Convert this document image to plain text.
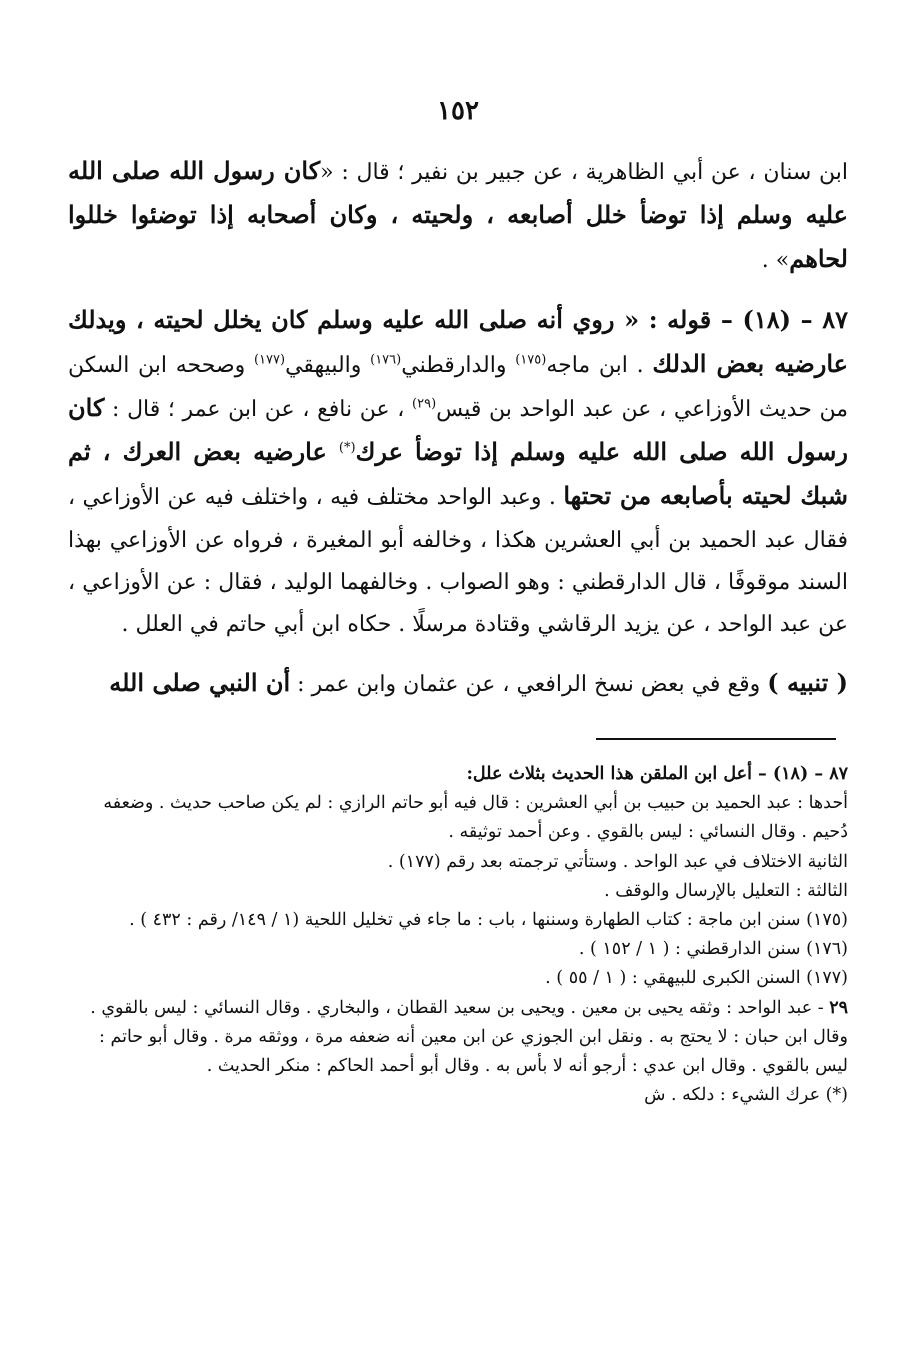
١٥٢

ابن سنان ، عن أبي الظاهرية ، عن جبير بن نفير ؛ قال : «كان رسول الله صلى الله عليه وسلم إذا توضأ خلل أصابعه ، ولحيته ، وكان أصحابه إذا توضئوا خللوا لحاهم» .

٨٧ – (١٨) – قوله : « روي أنه صلى الله عليه وسلم كان يخلل لحيته ، ويدلك عارضيه بعض الدلك . ابن ماجه$^{(١٧٥)}$ والدارقطني$^{(١٧٦)}$ والبيهقي$^{(١٧٧)}$ وصححه ابن السكن من حديث الأوزاعي ، عن عبد الواحد بن قيس$^{(٢٩)}$ ، عن نافع ، عن ابن عمر ؛ قال : كان رسول الله صلى الله عليه وسلم إذا توضأ عرك(*) عارضيه بعض العرك ، ثم شبك لحيته بأصابعه من تحتها . وعبد الواحد مختلف فيه ، واختلف فيه عن الأوزاعي ، فقال عبد الحميد بن أبي العشرين هكذا ، وخالفه أبو المغيرة ، فرواه عن الأوزاعي بهذا السند موقوفًا ، قال الدارقطني : وهو الصواب . وخالفهما الوليد ، فقال : عن الأوزاعي ، عن عبد الواحد ، عن يزيد الرقاشي وقتادة مرسلًا . حكاه ابن أبي حاتم في العلل .

( تنبيه ) وقع في بعض نسخ الرافعي ، عن عثمان وابن عمر : أن النبي صلى الله

٨٧ – (١٨) – أعل ابن الملقن هذا الحديث بثلاث علل:

أحدها : عبد الحميد بن حبيب بن أبي العشرين : قال فيه أبو حاتم الرازي : لم يكن صاحب حديث . وضعفه دُحيم . وقال النسائي : ليس بالقوي . وعن أحمد توثيقه .

الثانية الاختلاف في عبد الواحد . وستأتي ترجمته بعد رقم (١٧٧) .

الثالثة : التعليل بالإرسال والوقف .

(١٧٥) سنن ابن ماجة : كتاب الطهارة وسننها ، باب : ما جاء في تخليل اللحية (١ / ١٤٩/ رقم : ٤٣٢ ) .

(١٧٦) سنن الدارقطني : ( ١ / ١٥٢ ) .

(١٧٧) السنن الكبرى للبيهقي : ( ١ / ٥٥ ) .

٢٩ - عبد الواحد : وثقه يحيى بن معين . ويحيى بن سعيد القطان ، والبخاري . وقال النسائي : ليس بالقوي . وقال ابن حبان : لا يحتج به . ونقل ابن الجوزي عن ابن معين أنه ضعفه مرة ، ووثقه مرة . وقال أبو حاتم : ليس بالقوي . وقال ابن عدي : أرجو أنه لا بأس به . وقال أبو أحمد الحاكم : منكر الحديث .

(*) عرك الشيء : دلكه . ش
